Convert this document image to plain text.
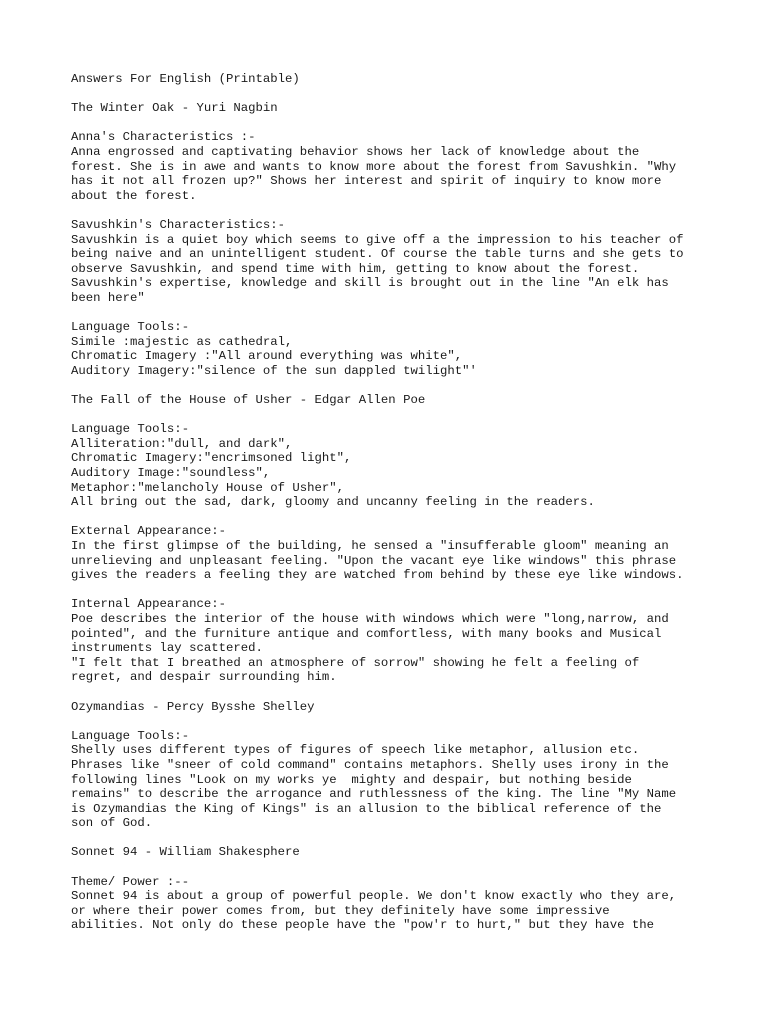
Answers For English (Printable)
The Winter Oak - Yuri Nagbin
Anna's Characteristics :-
Anna engrossed and captivating behavior shows her lack of knowledge about the
forest. She is in awe and wants to know more about the forest from Savushkin. "Why
has it not all frozen up?" Shows her interest and spirit of inquiry to know more
about the forest.
Savushkin's Characteristics:-
Savushkin is a quiet boy which seems to give off a the impression to his teacher of
being naive and an unintelligent student. Of course the table turns and she gets to
observe Savushkin, and spend time with him, getting to know about the forest.
Savushkin's expertise, knowledge and skill is brought out in the line "An elk has
been here"
Language Tools:-
Simile :majestic as cathedral,
Chromatic Imagery :"All around everything was white",
Auditory Imagery:"silence of the sun dappled twilight"'
The Fall of the House of Usher - Edgar Allen Poe
Language Tools:-
Alliteration:"dull, and dark",
Chromatic Imagery:"encrimsoned light",
Auditory Image:"soundless",
Metaphor:"melancholy House of Usher",
All bring out the sad, dark, gloomy and uncanny feeling in the readers.
External Appearance:-
In the first glimpse of the building, he sensed a "insufferable gloom" meaning an
unrelieving and unpleasant feeling. "Upon the vacant eye like windows" this phrase
gives the readers a feeling they are watched from behind by these eye like windows.
Internal Appearance:-
Poe describes the interior of the house with windows which were "long,narrow, and
pointed", and the furniture antique and comfortless, with many books and Musical
instruments lay scattered.
"I felt that I breathed an atmosphere of sorrow" showing he felt a feeling of
regret, and despair surrounding him.
Ozymandias - Percy Bysshe Shelley
Language Tools:-
Shelly uses different types of figures of speech like metaphor, allusion etc.
Phrases like "sneer of cold command" contains metaphors. Shelly uses irony in the
following lines "Look on my works ye  mighty and despair, but nothing beside
remains" to describe the arrogance and ruthlessness of the king. The line "My Name
is Ozymandias the King of Kings" is an allusion to the biblical reference of the
son of God.
Sonnet 94 - William Shakesphere
Theme/ Power :--
Sonnet 94 is about a group of powerful people. We don't know exactly who they are,
or where their power comes from, but they definitely have some impressive
abilities. Not only do these people have the "pow'r to hurt," but they have the
